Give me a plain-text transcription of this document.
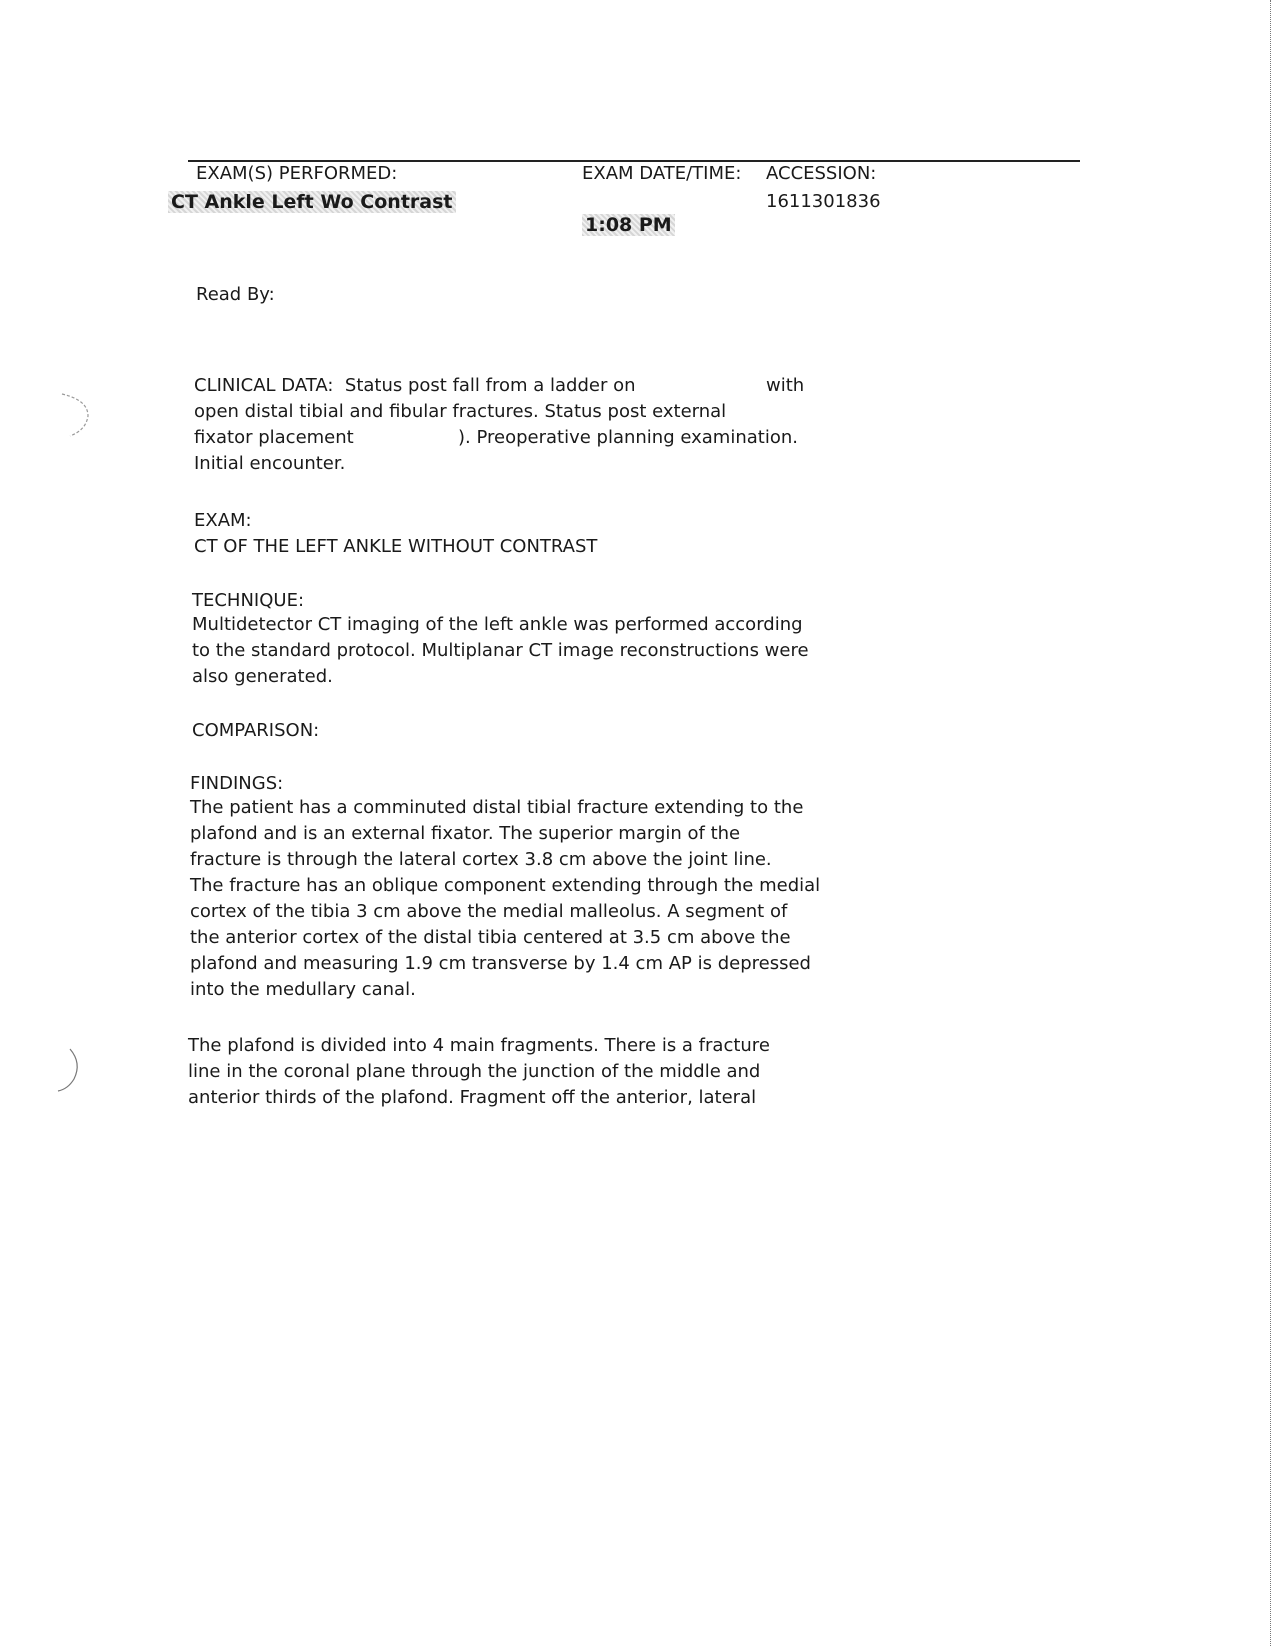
EXAM(S) PERFORMED:
CT Ankle Left Wo Contrast
EXAM DATE/TIME:
1:08 PM
ACCESSION:
1611301836
Read By:
CLINICAL DATA: Status post fall from a ladder on	with
open distal tibial and fibular fractures. Status post external
fixator placement	). Preoperative planning examination.
Initial encounter.
EXAM:
CT OF THE LEFT ANKLE WITHOUT CONTRAST
TECHNIQUE:
Multidetector CT imaging of the left ankle was performed according
to the standard protocol. Multiplanar CT image reconstructions were
also generated.
COMPARISON:
FINDINGS:
The patient has a comminuted distal tibial fracture extending to the
plafond and is an external fixator. The superior margin of the
fracture is through the lateral cortex 3.8 cm above the joint line.
The fracture has an oblique component extending through the medial
cortex of the tibia 3 cm above the medial malleolus. A segment of
the anterior cortex of the distal tibia centered at 3.5 cm above the
plafond and measuring 1.9 cm transverse by 1.4 cm AP is depressed
into the medullary canal.
The plafond is divided into 4 main fragments. There is a fracture
line in the coronal plane through the junction of the middle and
anterior thirds of the plafond. Fragment off the anterior, lateral
